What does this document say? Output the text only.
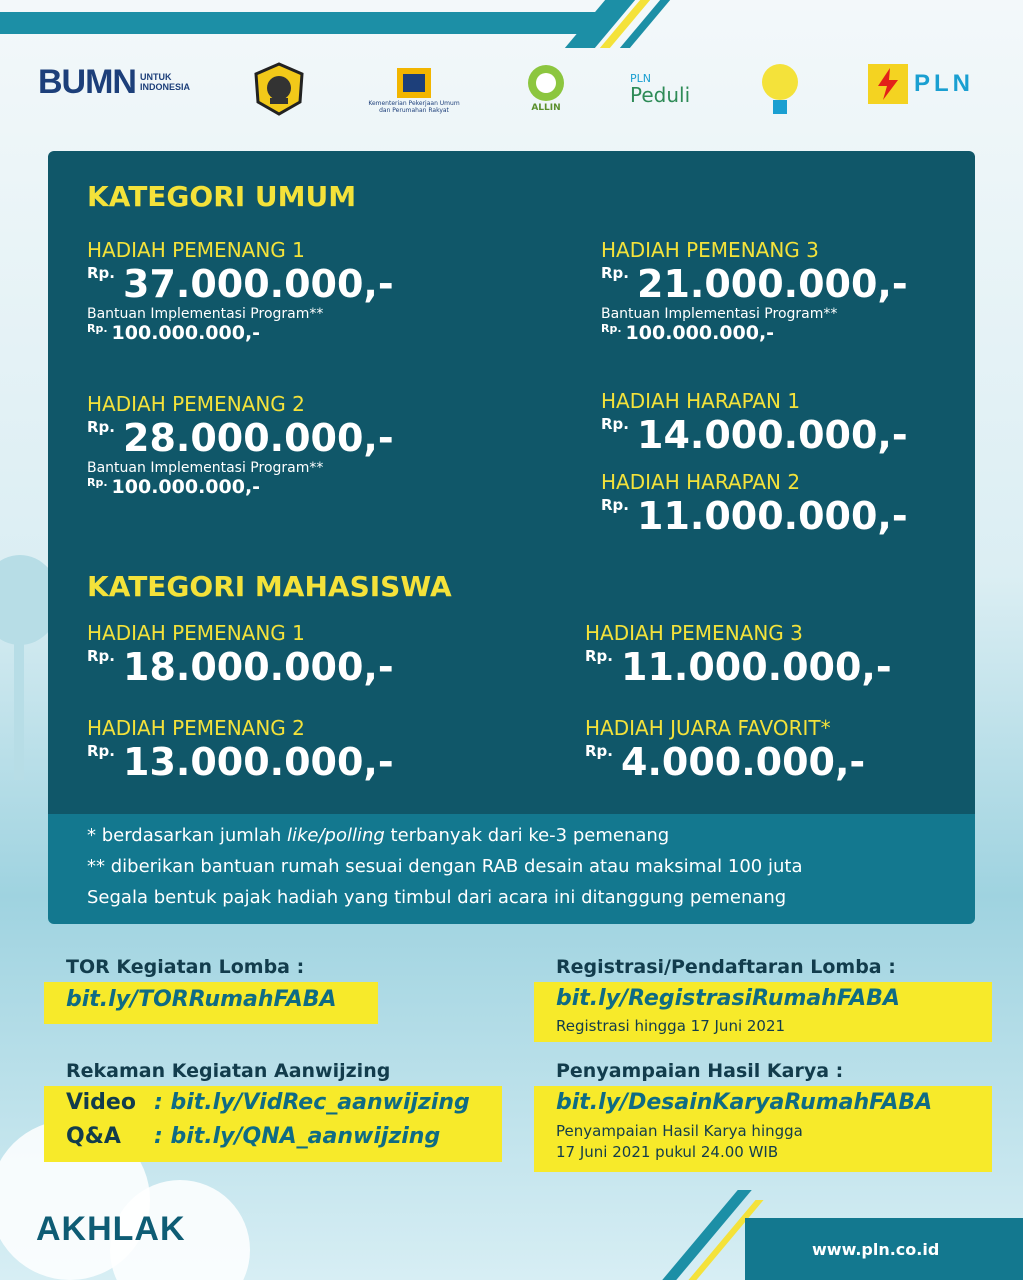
BUMN UNTUK
INDONESIA
Kementerian Pekerjaan Umum
dan Perumahan Rakyat	ALLIN
PLN
Peduli	PLN
KATEGORI UMUM
HADIAH PEMENANG 1
$^{Rp.}$ 37.000.000,-
Bantuan Implementasi Program**
$^{Rp.}$ 100.000.000,-
HADIAH PEMENANG 2
$^{Rp.}$ 28.000.000,-
Bantuan Implementasi Program**
$^{Rp.}$ 100.000.000,-
HADIAH PEMENANG 3
$^{Rp.}$ 21.000.000,-
Bantuan Implementasi Program**
$^{Rp.}$ 100.000.000,-
HADIAH HARAPAN 1
$^{Rp.}$ 14.000.000,-
HADIAH HARAPAN 2
$^{Rp.}$ 11.000.000,-
KATEGORI MAHASISWA
HADIAH PEMENANG 1
$^{Rp.}$ 18.000.000,-
HADIAH PEMENANG 2
$^{Rp.}$ 13.000.000,-
HADIAH PEMENANG 3
$^{Rp.}$ 11.000.000,-
HADIAH JUARA FAVORIT*
$^{Rp.}$ 4.000.000,-
* berdasarkan jumlah like/polling terbanyak dari ke-3 pemenang
** diberikan bantuan rumah sesuai dengan RAB desain atau maksimal 100 juta
Segala bentuk pajak hadiah yang timbul dari acara ini ditanggung pemenang
TOR Kegiatan Lomba :
bit.ly/TORRumahFABA
Registrasi/Pendaftaran Lomba :
bit.ly/RegistrasiRumahFABA
Registrasi hingga 17 Juni 2021
Rekaman Kegiatan Aanwijzing
Video : bit.ly/VidRec_aanwijzing
Q&A : bit.ly/QNA_aanwijzing
Penyampaian Hasil Karya :
bit.ly/DesainKaryaRumahFABA
Penyampaian Hasil Karya hingga
17 Juni 2021 pukul 24.00 WIB
AKHLAK
www.pln.co.id
